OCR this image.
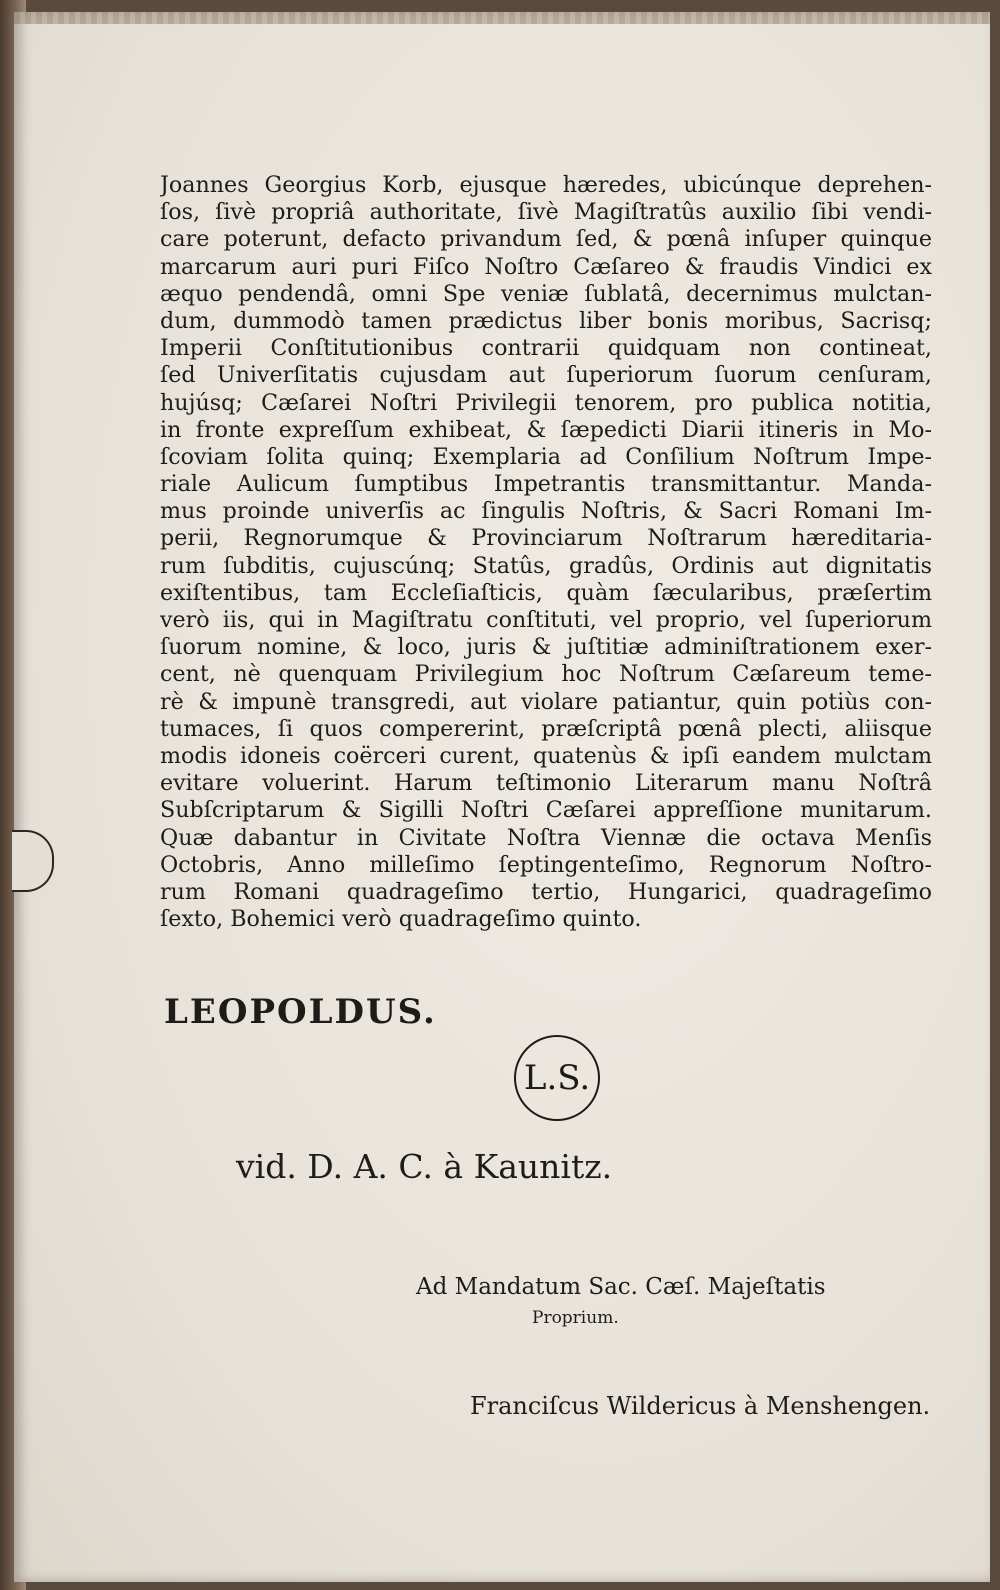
Joannes Georgius Korb, ejusque hæredes, ubicúnque deprehen-
ſos, ſivè propriâ authoritate, ſivè Magiſtratûs auxilio ſibi vendi-
care poterunt, defacto privandum ſed, & pœnâ inſuper quinque
marcarum auri puri Fiſco Noſtro Cæſareo & fraudis Vindici ex
æquo pendendâ, omni Spe veniæ ſublatâ, decernimus mulctan-
dum, dummodò tamen prædictus liber bonis moribus, Sacrisq;
Imperii Conſtitutionibus contrarii quidquam non contineat,
ſed Univerſitatis cujusdam aut ſuperiorum ſuorum cenſuram,
hujúsq; Cæſarei Noſtri Privilegii tenorem, pro publica notitia,
in fronte expreſſum exhibeat, & ſæpedicti Diarii itineris in Mo-
ſcoviam ſolita quinq; Exemplaria ad Conſilium Noſtrum Impe-
riale Aulicum ſumptibus Impetrantis transmittantur. Manda-
mus proinde univerſis ac ſingulis Noſtris, & Sacri Romani Im-
perii, Regnorumque & Provinciarum Noſtrarum hæreditaria-
rum ſubditis, cujuscúnq; Statûs, gradûs, Ordinis aut dignitatis
exiſtentibus, tam Eccleſiaſticis, quàm ſæcularibus, præſertim
verò iis, qui in Magiſtratu conſtituti, vel proprio, vel ſuperiorum
ſuorum nomine, & loco, juris & juſtitiæ adminiſtrationem exer-
cent, nè quenquam Privilegium hoc Noſtrum Cæſareum teme-
rè & impunè transgredi, aut violare patiantur, quin potiùs con-
tumaces, ſi quos compererint, præſcriptâ pœnâ plecti, aliisque
modis idoneis coërceri curent, quatenùs & ipſi eandem mulctam
evitare voluerint. Harum teſtimonio Literarum manu Noſtrâ
Subſcriptarum & Sigilli Noſtri Cæſarei appreſſione munitarum.
Quæ dabantur in Civitate Noſtra Viennæ die octava Menſis
Octobris, Anno milleſimo ſeptingenteſimo, Regnorum Noſtro-
rum Romani quadrageſimo tertio, Hungarici, quadrageſimo
ſexto, Bohemici verò quadrageſimo quinto.
LEOPOLDUS.
L.S.
vid. D. A. C. à Kaunitz.
Ad Mandatum Sac. Cæſ. Majeſtatis
Proprium.
Franciſcus Wildericus à Menshengen.
